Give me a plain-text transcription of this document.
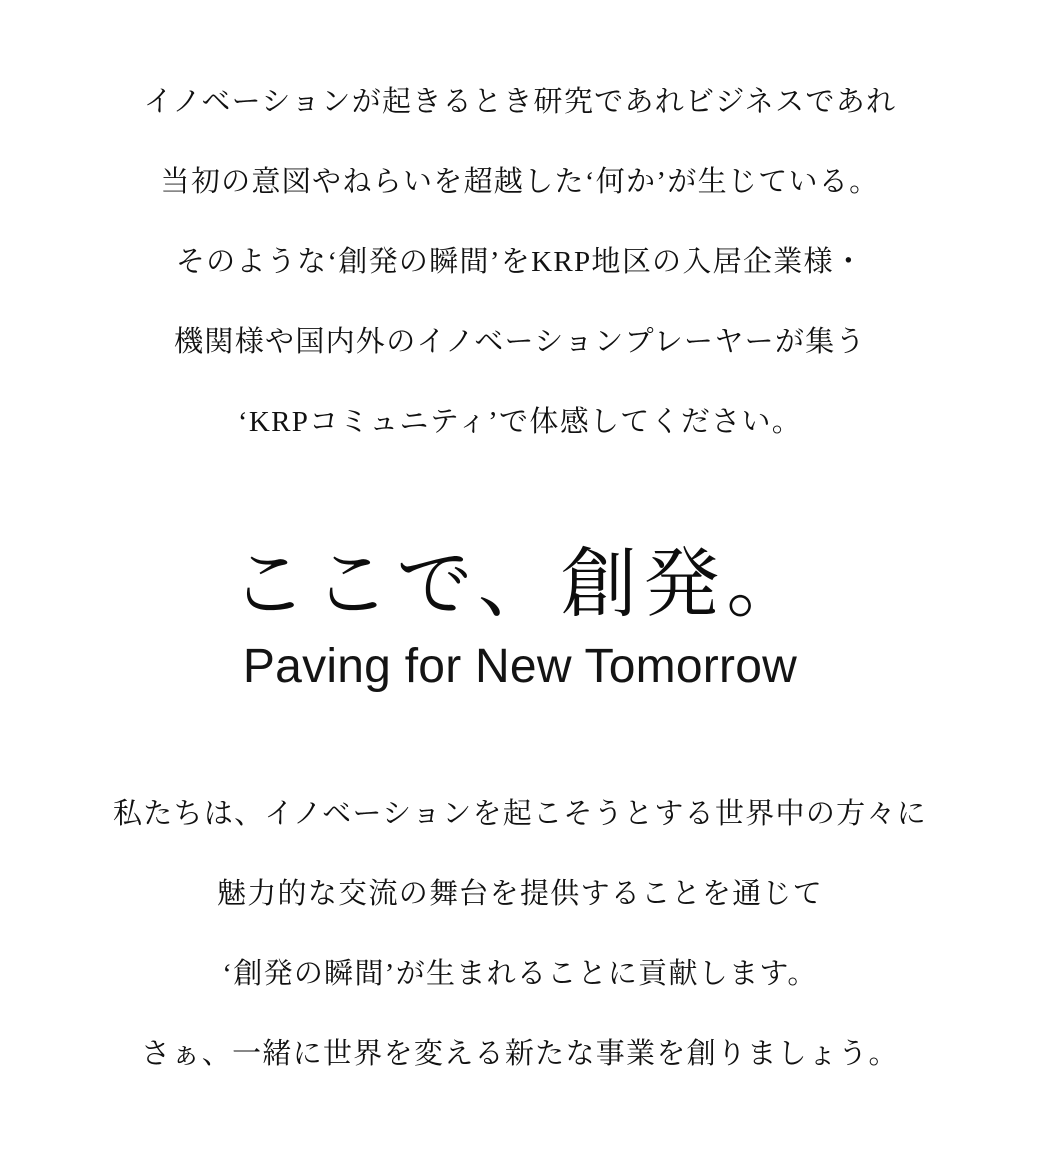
イノベーションが起きるとき研究であれビジネスであれ
当初の意図やねらいを超越した‘何か’が生じている。
そのような‘創発の瞬間’をKRP地区の入居企業様・
機関様や国内外のイノベーションプレーヤーが集う
‘KRPコミュニティ’で体感してください。
ここで、創発。
Paving for New Tomorrow
私たちは、イノベーションを起こそうとする世界中の方々に
魅力的な交流の舞台を提供することを通じて
‘創発の瞬間’が生まれることに貢献します。
さぁ、一緒に世界を変える新たな事業を創りましょう。
